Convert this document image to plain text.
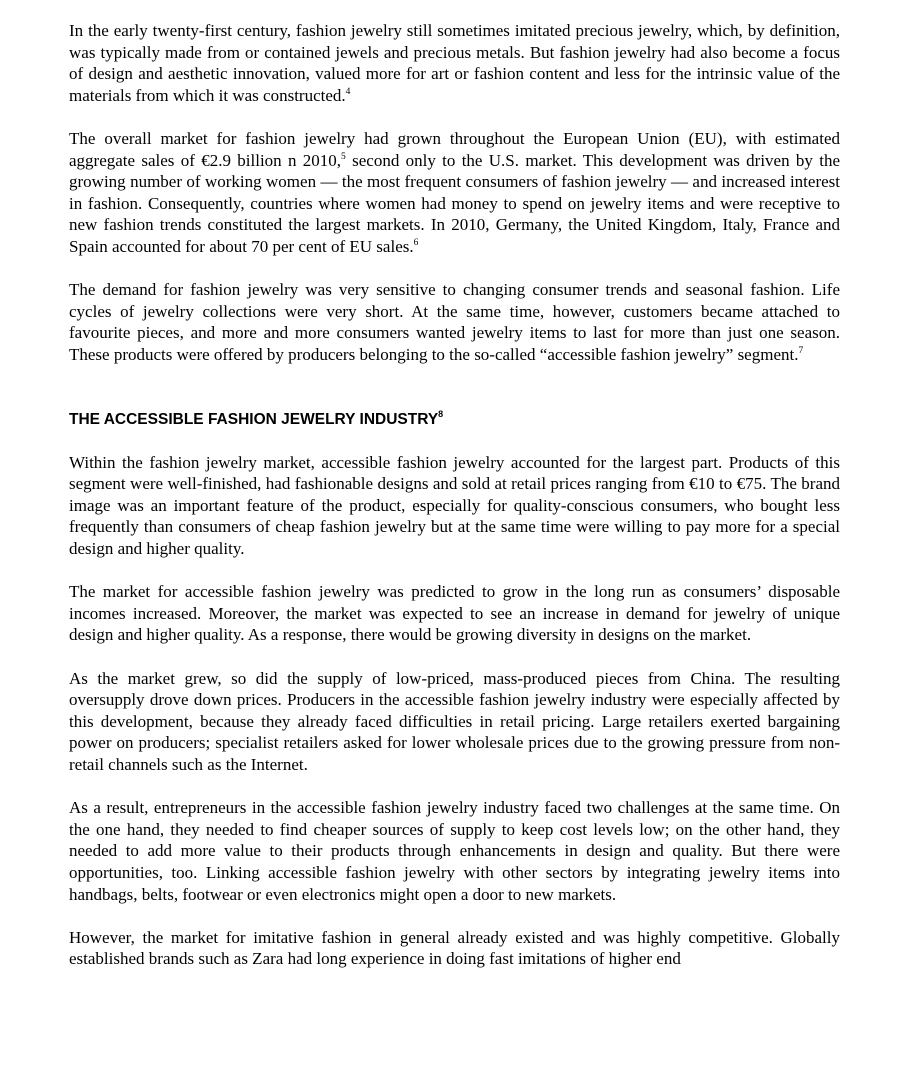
In the early twenty-first century, fashion jewelry still sometimes imitated precious jewelry, which, by definition, was typically made from or contained jewels and precious metals. But fashion jewelry had also become a focus of design and aesthetic innovation, valued more for art or fashion content and less for the intrinsic value of the materials from which it was constructed.$^4$

The overall market for fashion jewelry had grown throughout the European Union (EU), with estimated aggregate sales of €2.9 billion n 2010,$^5$ second only to the U.S. market. This development was driven by the growing number of working women — the most frequent consumers of fashion jewelry — and increased interest in fashion. Consequently, countries where women had money to spend on jewelry items and were receptive to new fashion trends constituted the largest markets. In 2010, Germany, the United Kingdom, Italy, France and Spain accounted for about 70 per cent of EU sales.$^6$

The demand for fashion jewelry was very sensitive to changing consumer trends and seasonal fashion. Life cycles of jewelry collections were very short. At the same time, however, customers became attached to favourite pieces, and more and more consumers wanted jewelry items to last for more than just one season. These products were offered by producers belonging to the so-called “accessible fashion jewelry” segment.$^7$

THE ACCESSIBLE FASHION JEWELRY INDUSTRY$^8$

Within the fashion jewelry market, accessible fashion jewelry accounted for the largest part. Products of this segment were well-finished, had fashionable designs and sold at retail prices ranging from €10 to €75. The brand image was an important feature of the product, especially for quality-conscious consumers, who bought less frequently than consumers of cheap fashion jewelry but at the same time were willing to pay more for a special design and higher quality.

The market for accessible fashion jewelry was predicted to grow in the long run as consumers’ disposable incomes increased. Moreover, the market was expected to see an increase in demand for jewelry of unique design and higher quality. As a response, there would be growing diversity in designs on the market.

As the market grew, so did the supply of low-priced, mass-produced pieces from China. The resulting oversupply drove down prices. Producers in the accessible fashion jewelry industry were especially affected by this development, because they already faced difficulties in retail pricing. Large retailers exerted bargaining power on producers; specialist retailers asked for lower wholesale prices due to the growing pressure from non-retail channels such as the Internet.

As a result, entrepreneurs in the accessible fashion jewelry industry faced two challenges at the same time. On the one hand, they needed to find cheaper sources of supply to keep cost levels low; on the other hand, they needed to add more value to their products through enhancements in design and quality. But there were opportunities, too. Linking accessible fashion jewelry with other sectors by integrating jewelry items into handbags, belts, footwear or even electronics might open a door to new markets.

However, the market for imitative fashion in general already existed and was highly competitive. Globally established brands such as Zara had long experience in doing fast imitations of higher end
